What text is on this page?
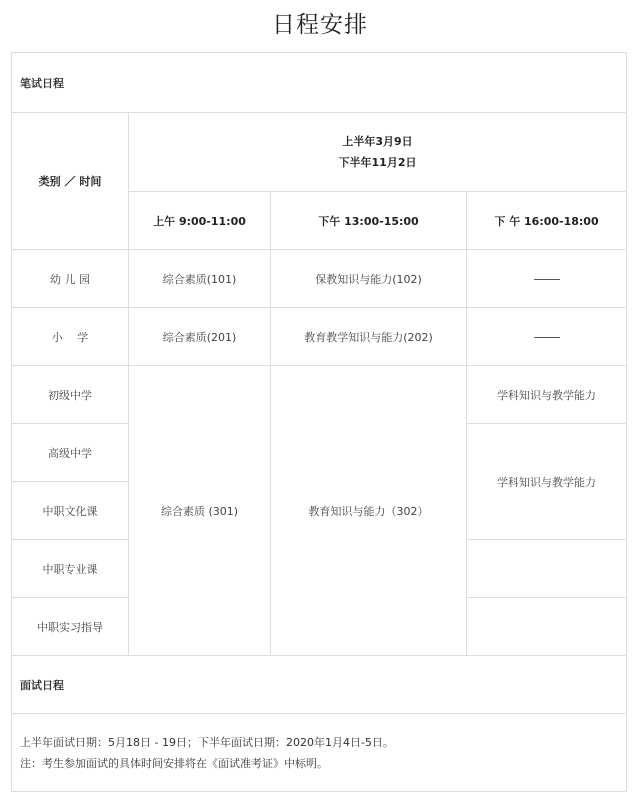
日程安排
笔试日程			
类别 ／ 时间	上半年3月9日
下半年11月2日		

	上午 9:00-11:00	下午 13:00-15:00	下 午 16:00-18:00
幼 儿 园	综合素质(101)	保教知识与能力(102)	
小　 学	综合素质(201)	教育教学知识与能力(202)	
初级中学	综合素质 (301)	教育知识与能力（302）	学科知识与教学能力
高级中学			学科知识与教学能力
中职文化课			
中职专业课			
中职实习指导			
面试日程			

上半年面试日期：5月18日 - 19日；下半年面试日期：2020年1月4日-5日。
注：考生参加面试的具体时间安排将在《面试准考证》中标明。			
